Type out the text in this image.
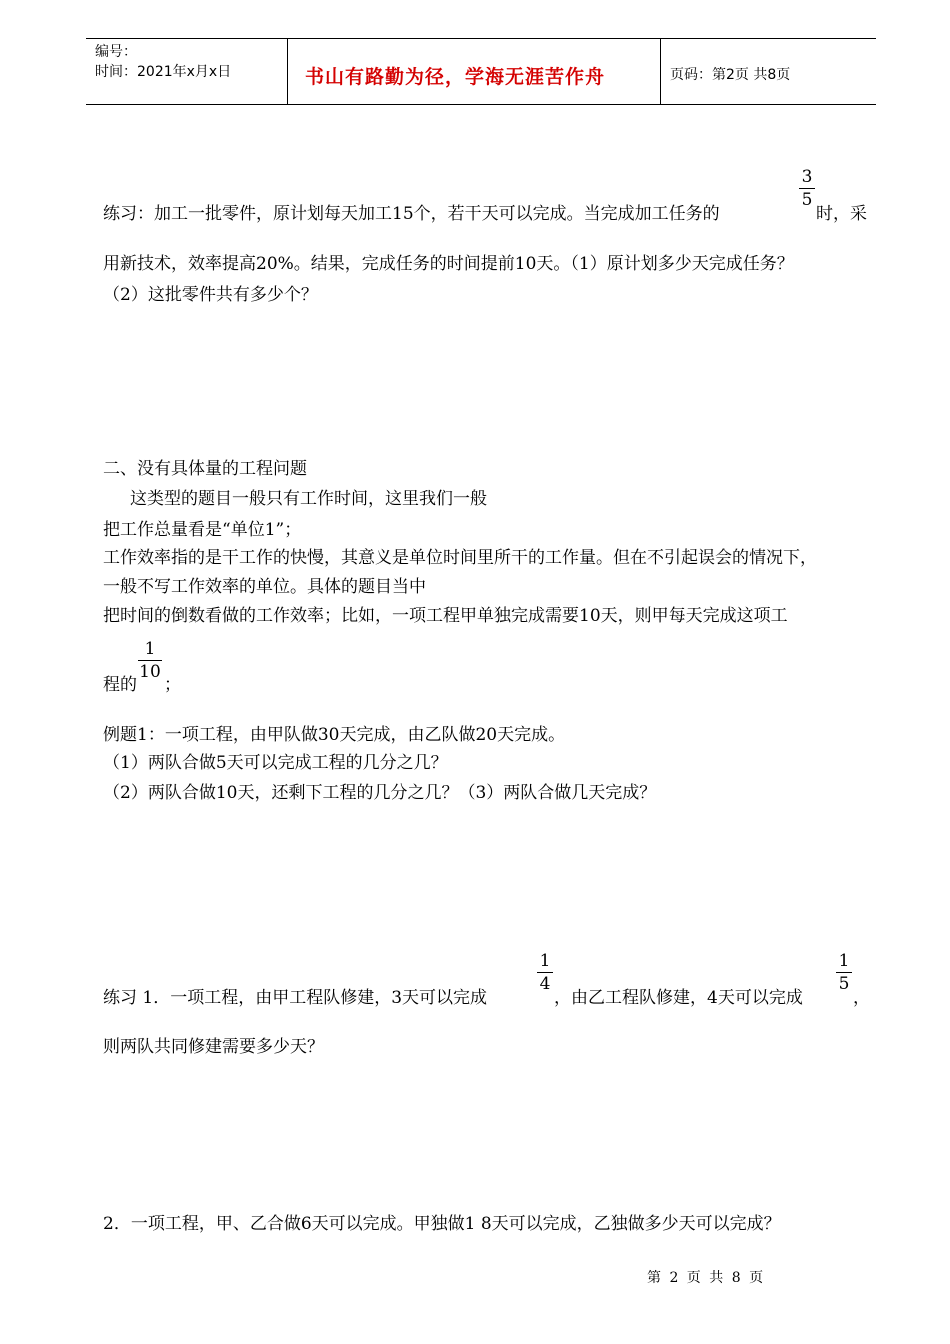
编号：
时间：2021年x月x日	书山有路勤为径，学海无涯苦作舟	页码：第2页 共8页
练习：加工一批零件，原计划每天加工15个，若干天可以完成。当完成加工任务的
3
5
时，采
用新技术，效率提高20%。结果，完成任务的时间提前10天。（1）原计划多少天完成任务？
（2）这批零件共有多少个？
二、没有具体量的工程问题
这类型的题目一般只有工作时间，这里我们一般
把工作总量看是“单位1”；
工作效率指的是干工作的快慢，其意义是单位时间里所干的工作量。但在不引起误会的情况下，
一般不写工作效率的单位。具体的题目当中
把时间的倒数看做的工作效率；比如，一项工程甲单独完成需要10天，则甲每天完成这项工
程的
1
10
；
例题1：一项工程，由甲队做30天完成，由乙队做20天完成。
（1）两队合做5天可以完成工程的几分之几？
（2）两队合做10天，还剩下工程的几分之几？（3）两队合做几天完成？
练习 1．一项工程，由甲工程队修建，3天可以完成
1
4
，由乙工程队修建，4天可以完成
1
5
，
则两队共同修建需要多少天？
2．一项工程，甲、乙合做6天可以完成。甲独做1 8天可以完成，乙独做多少天可以完成？
第 2 页 共 8 页
